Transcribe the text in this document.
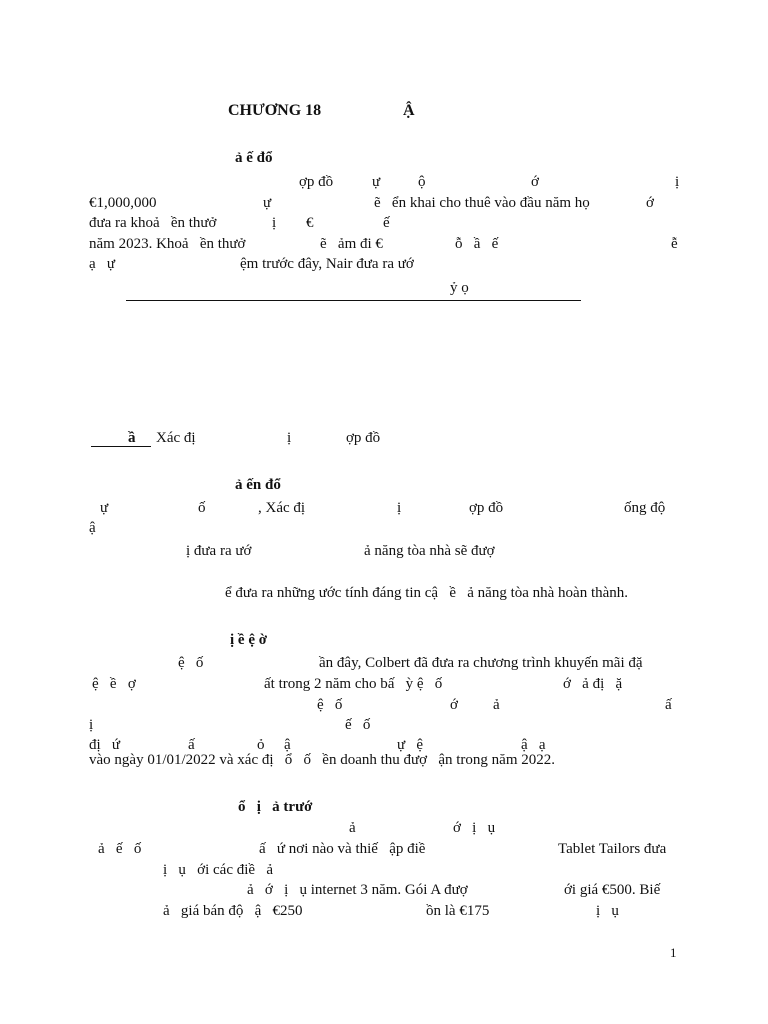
CHƯƠNG 18	Ậ
ả ế đổ
ợp đồ	ự	ộ	ớ	ị
€1,000,000	ự	ẽ   ển khai cho thuê vào đầu năm họ	ớ
đưa ra khoả   ền thưở	ị €	ế
năm 2023. Khoả   ền thưở	ẽ   ảm đi €	ỗ   ầ   ế	ễ
ạ   ự	ệm trước đây, Nair đưa ra ướ
ỷ ọ
ầ Xác đị	ị	ợp đồ
ả ến đổ
ự	ố	, Xác đị	ị	ợp đồ	ống độ
ậ
ị đưa ra ướ	ả năng tòa nhà sẽ đượ
ể đưa ra những ước tính đáng tin cậ   ề   ả năng tòa nhà hoàn thành.
ị ề ệ ờ
ệ   ố	ần đây, Colbert đã đưa ra chương trình khuyến mãi đặ
ệ   ề   ợ	ất trong 2 năm cho bấ   ỳ ệ   ố	ớ   ả đị   ặ
ệ   ố	ớ ả	ấ
ị	ế   ố
đị   ứ	ấ	ỏ ậ	ự   ệ	ậ   ạ
vào ngày 01/01/2022 và xác đị   ổ   ố   ền doanh thu đượ   ận trong năm 2022.
ổ   ị   ả trướ
ả	ớ   ị   ụ
ả   ế   ố	ấ   ứ nơi nào và thiế   ập điề	Tablet Tailors đưa
ị   ụ   ới các điề   ả
ả   ớ   ị   ụ internet 3 năm. Gói A đượ	ới giá €500. Biế
ả   giá bán độ   ậ   €250	ồn là €175	ị   ụ
1
